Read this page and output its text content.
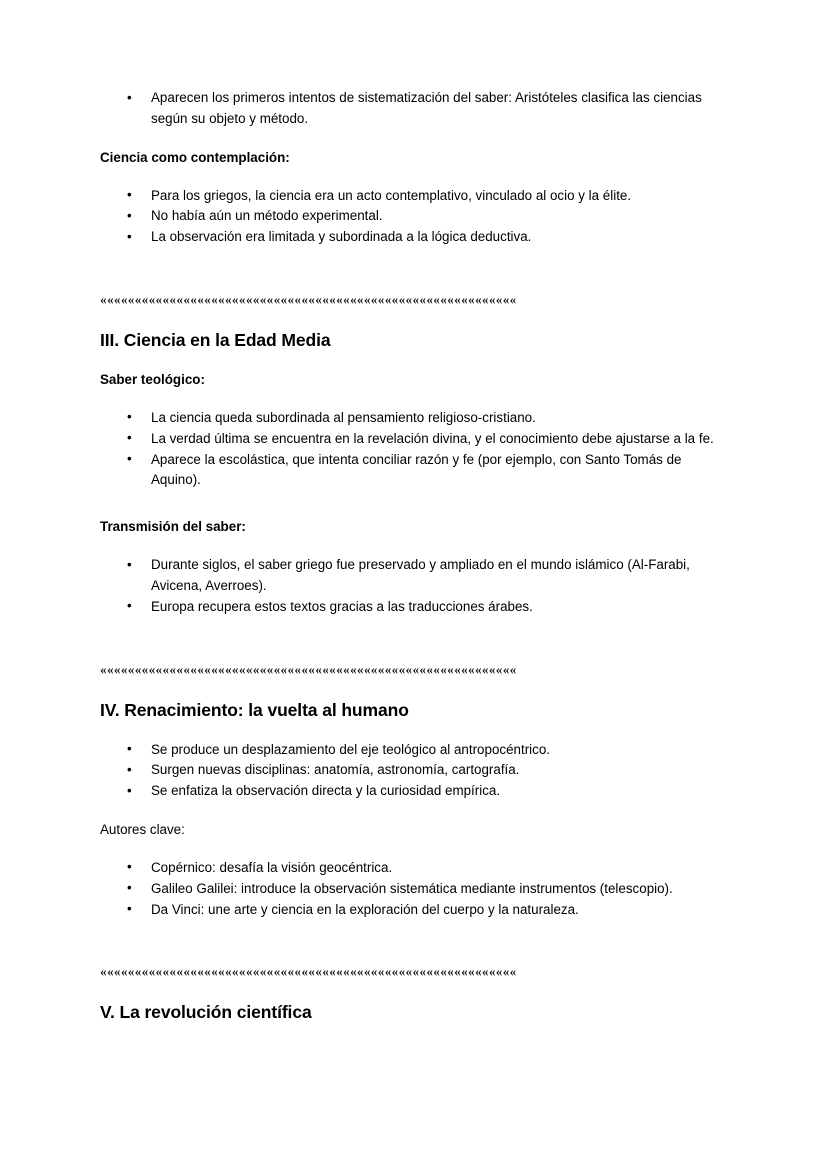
• Aparecen los primeros intentos de sistematización del saber: Aristóteles clasifica las ciencias según su objeto y método.

Ciencia como contemplación:

• Para los griegos, la ciencia era un acto contemplativo, vinculado al ocio y la élite.
• No había aún un método experimental.
• La observación era limitada y subordinada a la lógica deductiva.
««««««««««««««««««««««««««««««««««««««««««««««««««««««««««««
III. Ciencia en la Edad Media

Saber teológico:

• La ciencia queda subordinada al pensamiento religioso-cristiano.
• La verdad última se encuentra en la revelación divina, y el conocimiento debe ajustarse a la fe.
• Aparece la escolástica, que intenta conciliar razón y fe (por ejemplo, con Santo Tomás de Aquino).

Transmisión del saber:

• Durante siglos, el saber griego fue preservado y ampliado en el mundo islámico (Al-Farabi, Avicena, Averroes).
• Europa recupera estos textos gracias a las traducciones árabes.
««««««««««««««««««««««««««««««««««««««««««««««««««««««««««««
IV. Renacimiento: la vuelta al humano
• Se produce un desplazamiento del eje teológico al antropocéntrico.
• Surgen nuevas disciplinas: anatomía, astronomía, cartografía.
• Se enfatiza la observación directa y la curiosidad empírica.

Autores clave:

• Copérnico: desafía la visión geocéntrica.
• Galileo Galilei: introduce la observación sistemática mediante instrumentos (telescopio).
• Da Vinci: une arte y ciencia en la exploración del cuerpo y la naturaleza.
««««««««««««««««««««««««««««««««««««««««««««««««««««««««««««
V. La revolución científica
